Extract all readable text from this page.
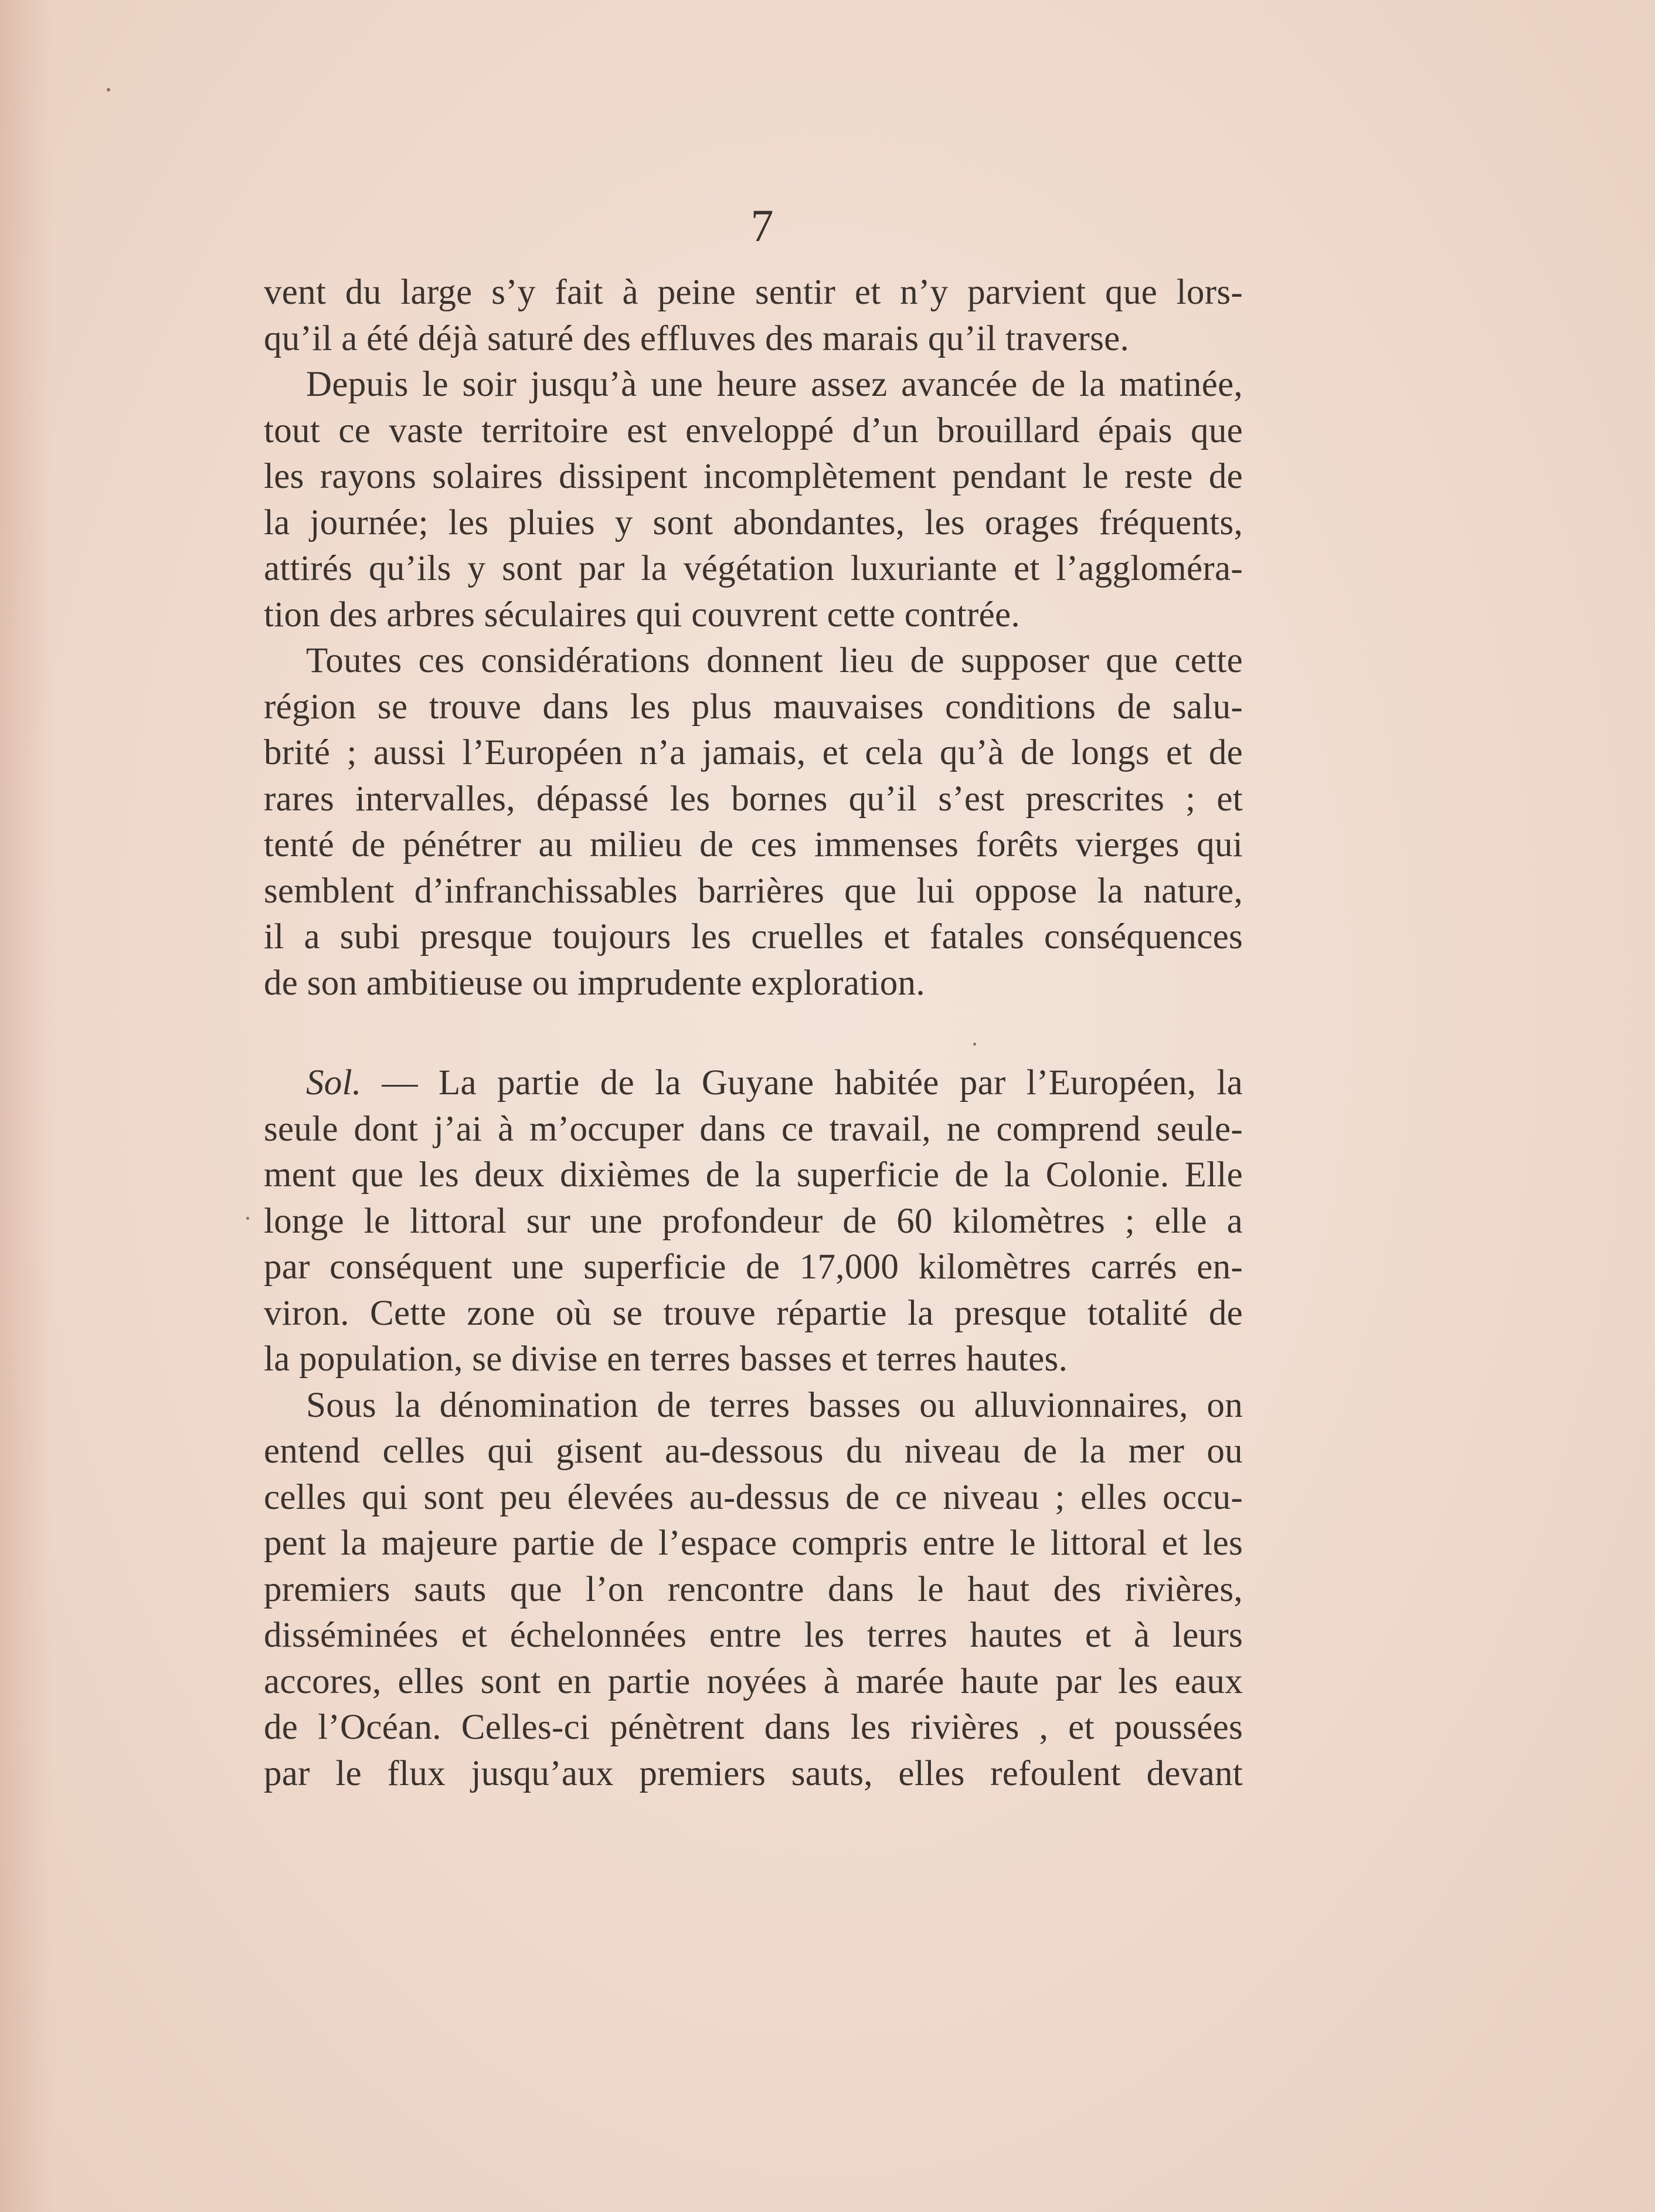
7
vent du large s’y fait à peine sentir et n’y parvient que lors-
qu’il a été déjà saturé des effluves des marais qu’il traverse.
Depuis le soir jusqu’à une heure assez avancée de la matinée,
tout ce vaste territoire est enveloppé d’un brouillard épais que
les rayons solaires dissipent incomplètement pendant le reste de
la journée; les pluies y sont abondantes, les orages fréquents,
attirés qu’ils y sont par la végétation luxuriante et l’aggloméra-
tion des arbres séculaires qui couvrent cette contrée.
Toutes ces considérations donnent lieu de supposer que cette
région se trouve dans les plus mauvaises conditions de salu-
brité ; aussi l’Européen n’a jamais, et cela qu’à de longs et de
rares intervalles, dépassé les bornes qu’il s’est prescrites ; et
tenté de pénétrer au milieu de ces immenses forêts vierges qui
semblent d’infranchissables barrières que lui oppose la nature,
il a subi presque toujours les cruelles et fatales conséquences
de son ambitieuse ou imprudente exploration.
Sol. — La partie de la Guyane habitée par l’Européen, la
seule dont j’ai à m’occuper dans ce travail, ne comprend seule-
ment que les deux dixièmes de la superficie de la Colonie. Elle
longe le littoral sur une profondeur de 60 kilomètres ; elle a
par conséquent une superficie de 17,000 kilomètres carrés en-
viron. Cette zone où se trouve répartie la presque totalité de
la population, se divise en terres basses et terres hautes.
Sous la dénomination de terres basses ou alluvionnaires, on
entend celles qui gisent au-dessous du niveau de la mer ou
celles qui sont peu élevées au-dessus de ce niveau ; elles occu-
pent la majeure partie de l’espace compris entre le littoral et les
premiers sauts que l’on rencontre dans le haut des rivières,
disséminées et échelonnées entre les terres hautes et à leurs
accores, elles sont en partie noyées à marée haute par les eaux
de l’Océan. Celles-ci pénètrent dans les rivières , et poussées
par le flux jusqu’aux premiers sauts, elles refoulent devant
